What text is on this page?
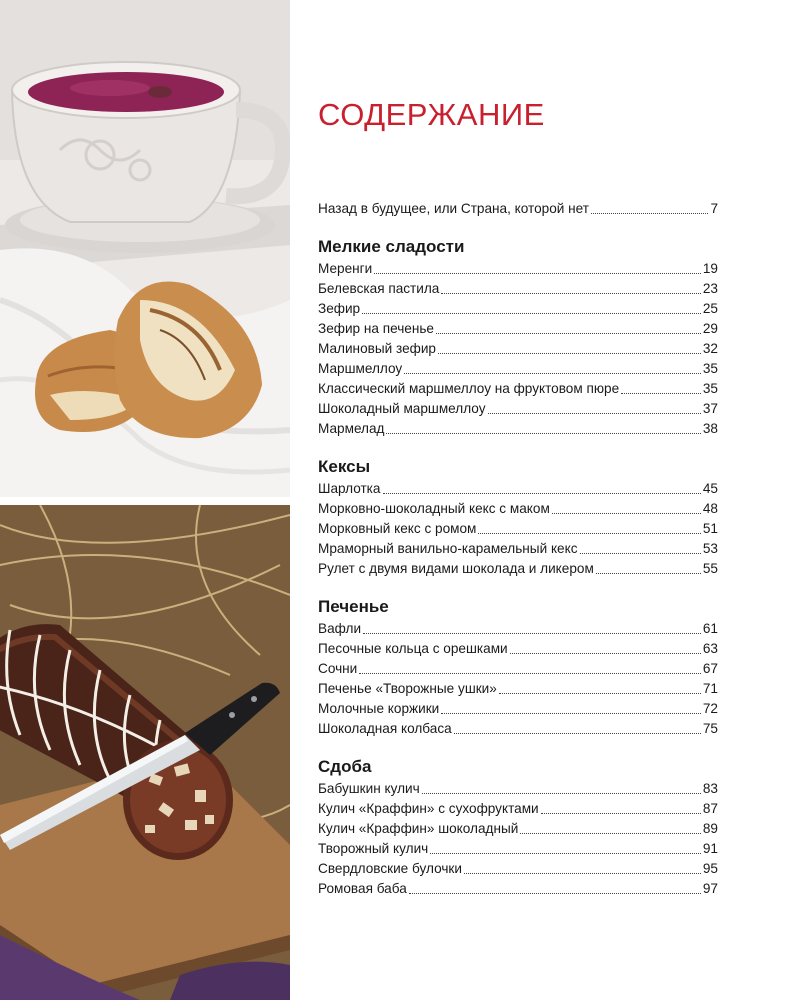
СОДЕРЖАНИЕ
Назад в будущее, или Страна, которой нет	7
Мелкие сладости
Меренги	19
Белевская пастила	23
Зефир	25
Зефир на печенье	29
Малиновый зефир	32
Маршмеллоу	35
Классический маршмеллоу на фруктовом пюре	35
Шоколадный маршмеллоу	37
Мармелад	38
Кексы
Шарлотка	45
Морковно-шоколадный кекс с маком	48
Морковный кекс с ромом	51
Мраморный ванильно-карамельный кекс	53
Рулет с двумя видами шоколада и ликером	55
Печенье
Вафли	61
Песочные кольца с орешками	63
Сочни	67
Печенье «Творожные ушки»	71
Молочные коржики	72
Шоколадная колбаса	75
Сдоба
Бабушкин кулич	83
Кулич «Краффин» с сухофруктами	87
Кулич «Краффин» шоколадный	89
Творожный кулич	91
Свердловские булочки	95
Ромовая баба	97
